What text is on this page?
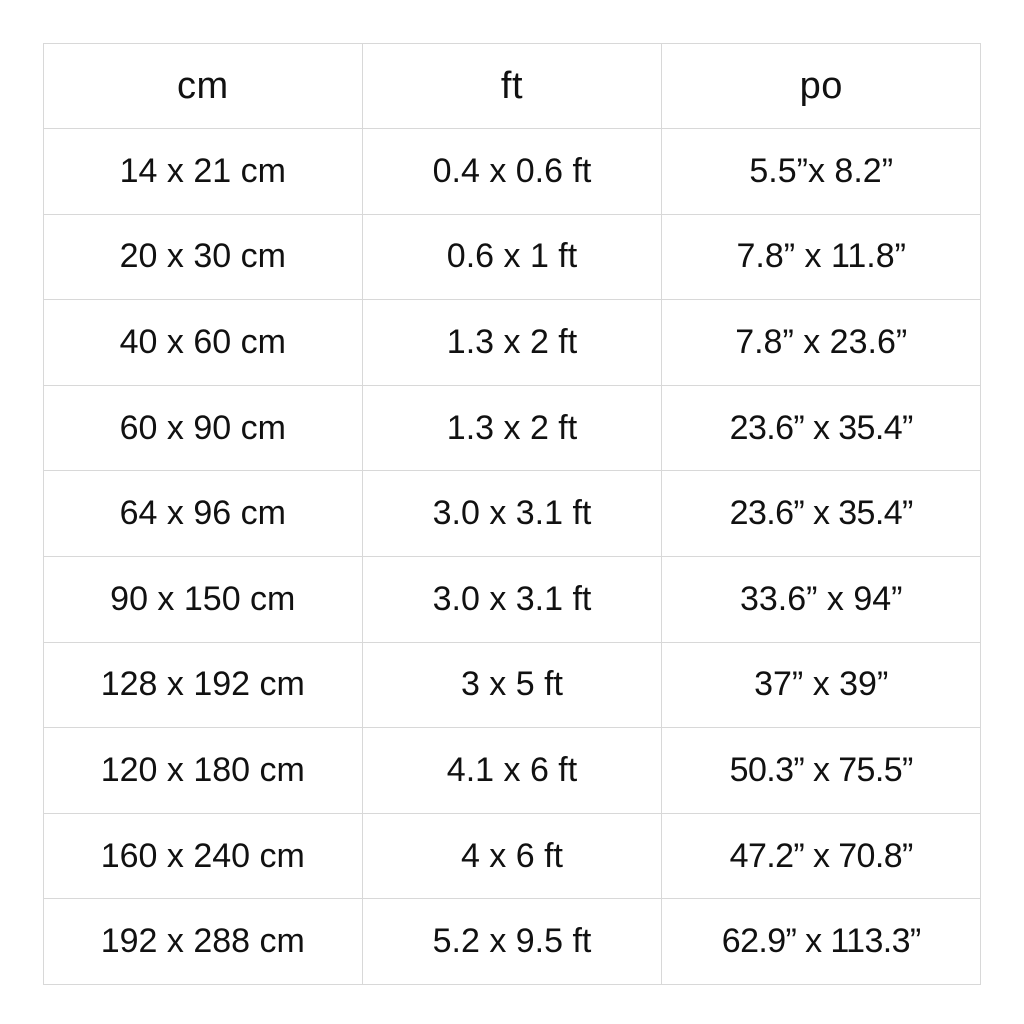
cm	ft	po
14 x 21 cm	0.4 x 0.6 ft	5.5”x 8.2”
20 x 30 cm	0.6 x 1 ft	7.8” x 11.8”
40 x 60 cm	1.3 x 2 ft	7.8” x 23.6”
60 x 90 cm	1.3 x 2 ft	23.6” x 35.4”
64 x 96 cm	3.0 x 3.1 ft	23.6” x 35.4”
90 x 150 cm	3.0 x 3.1 ft	33.6” x 94”
128 x 192 cm	3 x 5 ft	37” x 39”
120 x 180 cm	4.1 x 6 ft	50.3” x 75.5”
160 x 240 cm	4 x 6 ft	47.2” x 70.8”
192 x 288 cm	5.2 x 9.5 ft	62.9” x 113.3”
